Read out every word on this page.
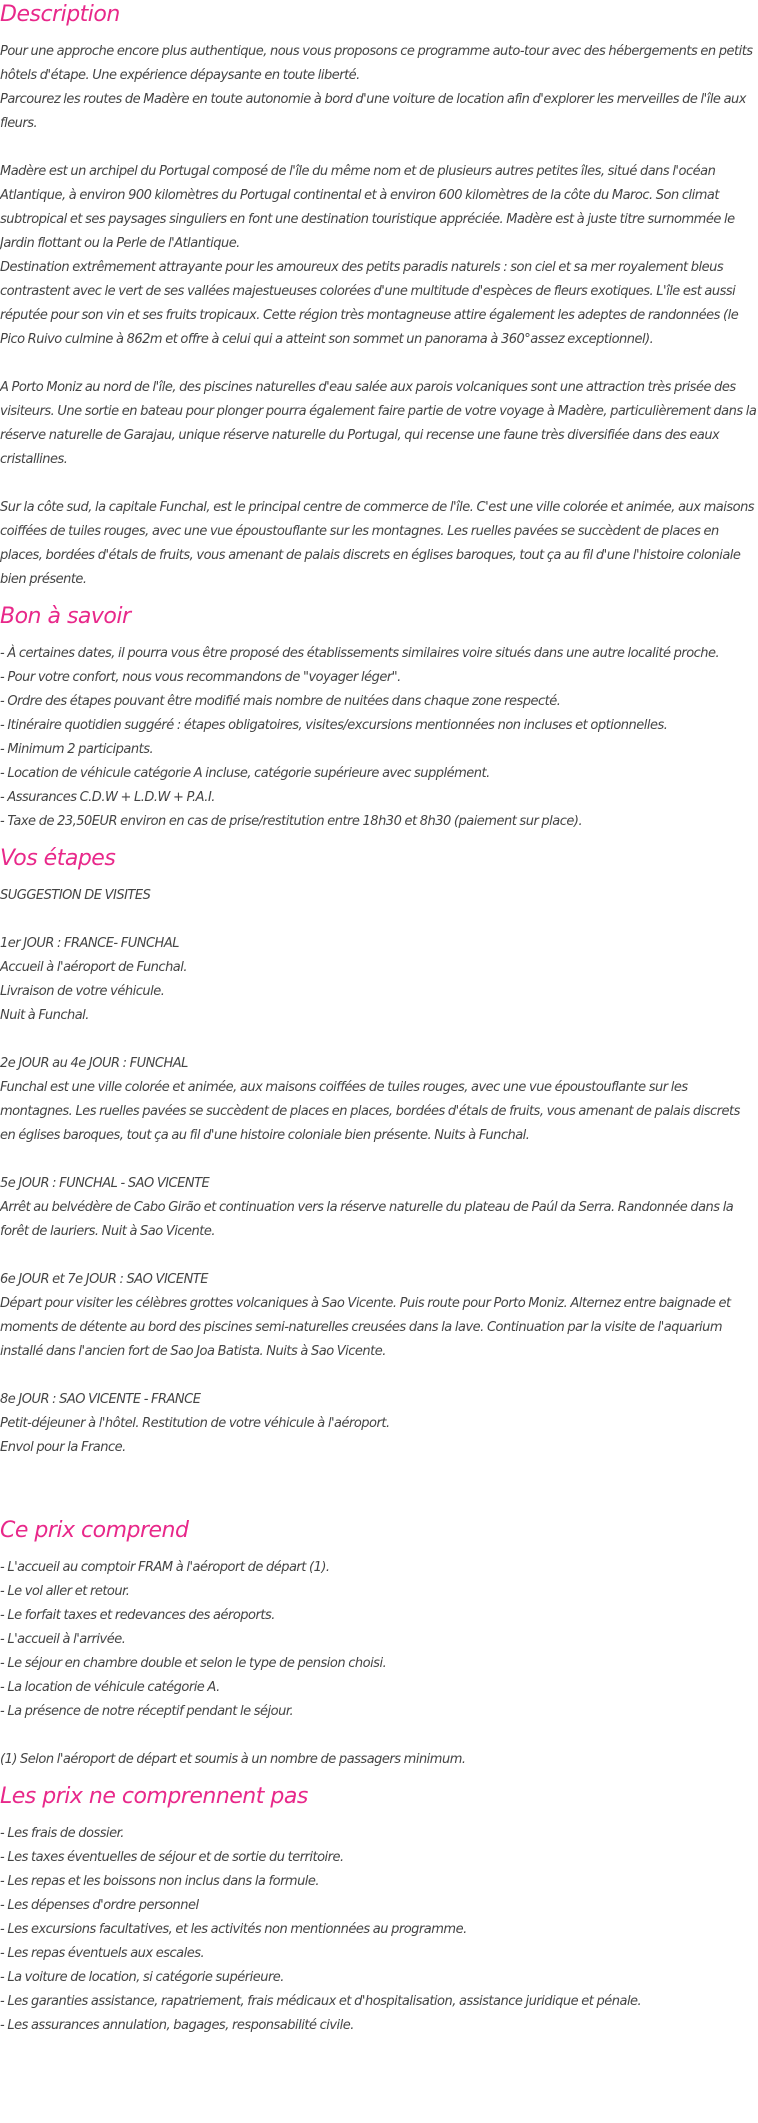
Description

Pour une approche encore plus authentique, nous vous proposons ce programme auto-tour avec des hébergements en petits hôtels d'étape. Une expérience dépaysante en toute liberté.

Parcourez les routes de Madère en toute autonomie à bord d'une voiture de location afin d'explorer les merveilles de l'île aux fleurs.

Madère est un archipel du Portugal composé de l'île du même nom et de plusieurs autres petites îles, situé dans l'océan Atlantique, à environ 900 kilomètres du Portugal continental et à environ 600 kilomètres de la côte du Maroc. Son climat subtropical et ses paysages singuliers en font une destination touristique appréciée. Madère est à juste titre surnommée le Jardin flottant ou la Perle de l'Atlantique.

Destination extrêmement attrayante pour les amoureux des petits paradis naturels : son ciel et sa mer royalement bleus contrastent avec le vert de ses vallées majestueuses colorées d'une multitude d'espèces de fleurs exotiques. L'île est aussi réputée pour son vin et ses fruits tropicaux. Cette région très montagneuse attire également les adeptes de randonnées (le Pico Ruivo culmine à 862m et offre à celui qui a atteint son sommet un panorama à 360°assez exceptionnel).

A Porto Moniz au nord de l'île, des piscines naturelles d'eau salée aux parois volcaniques sont une attraction très prisée des visiteurs. Une sortie en bateau pour plonger pourra également faire partie de votre voyage à Madère, particulièrement dans la réserve naturelle de Garajau, unique réserve naturelle du Portugal, qui recense une faune très diversifiée dans des eaux cristallines.

Sur la côte sud, la capitale Funchal, est le principal centre de commerce de l'île. C'est une ville colorée et animée, aux maisons coiffées de tuiles rouges, avec une vue époustouflante sur les montagnes. Les ruelles pavées se succèdent de places en places, bordées d'étals de fruits, vous amenant de palais discrets en églises baroques, tout ça au fil d'une l'histoire coloniale bien présente.

Bon à savoir
- À certaines dates, il pourra vous être proposé des établissements similaires voire situés dans une autre localité proche.
- Pour votre confort, nous vous recommandons de "voyager léger".
- Ordre des étapes pouvant être modifié mais nombre de nuitées dans chaque zone respecté.
- Itinéraire quotidien suggéré : étapes obligatoires, visites/excursions mentionnées non incluses et optionnelles.
- Minimum 2 participants.
- Location de véhicule catégorie A incluse, catégorie supérieure avec supplément.
- Assurances C.D.W + L.D.W + P.A.I.
- Taxe de 23,50EUR environ en cas de prise/restitution entre 18h30 et 8h30 (paiement sur place).
Vos étapes

SUGGESTION DE VISITES

1er JOUR : FRANCE- FUNCHAL

Accueil à l'aéroport de Funchal.

Livraison de votre véhicule.

Nuit à Funchal.

2e JOUR au 4e JOUR : FUNCHAL

Funchal est une ville colorée et animée, aux maisons coiffées de tuiles rouges, avec une vue époustouflante sur les montagnes. Les ruelles pavées se succèdent de places en places, bordées d'étals de fruits, vous amenant de palais discrets en églises baroques, tout ça au fil d'une histoire coloniale bien présente. Nuits à Funchal.

5e JOUR : FUNCHAL - SAO VICENTE

Arrêt au belvédère de Cabo Girão et continuation vers la réserve naturelle du plateau de Paúl da Serra. Randonnée dans la forêt de lauriers. Nuit à Sao Vicente.

6e JOUR et 7e JOUR : SAO VICENTE

Départ pour visiter les célèbres grottes volcaniques à Sao Vicente. Puis route pour Porto Moniz. Alternez entre baignade et moments de détente au bord des piscines semi-naturelles creusées dans la lave. Continuation par la visite de l'aquarium installé dans l'ancien fort de Sao Joa Batista. Nuits à Sao Vicente.

8e JOUR : SAO VICENTE - FRANCE

Petit-déjeuner à l'hôtel. Restitution de votre véhicule à l'aéroport.

Envol pour la France.

Ce prix comprend
- L'accueil au comptoir FRAM à l'aéroport de départ (1).
- Le vol aller et retour.
- Le forfait taxes et redevances des aéroports.
- L'accueil à l'arrivée.
- Le séjour en chambre double et selon le type de pension choisi.
- La location de véhicule catégorie A.
- La présence de notre réceptif pendant le séjour.

(1) Selon l'aéroport de départ et soumis à un nombre de passagers minimum.

Les prix ne comprennent pas
- Les frais de dossier.
- Les taxes éventuelles de séjour et de sortie du territoire.
- Les repas et les boissons non inclus dans la formule.
- Les dépenses d'ordre personnel
- Les excursions facultatives, et les activités non mentionnées au programme.
- Les repas éventuels aux escales.
- La voiture de location, si catégorie supérieure.
- Les garanties assistance, rapatriement, frais médicaux et d'hospitalisation, assistance juridique et pénale.
- Les assurances annulation, bagages, responsabilité civile.
